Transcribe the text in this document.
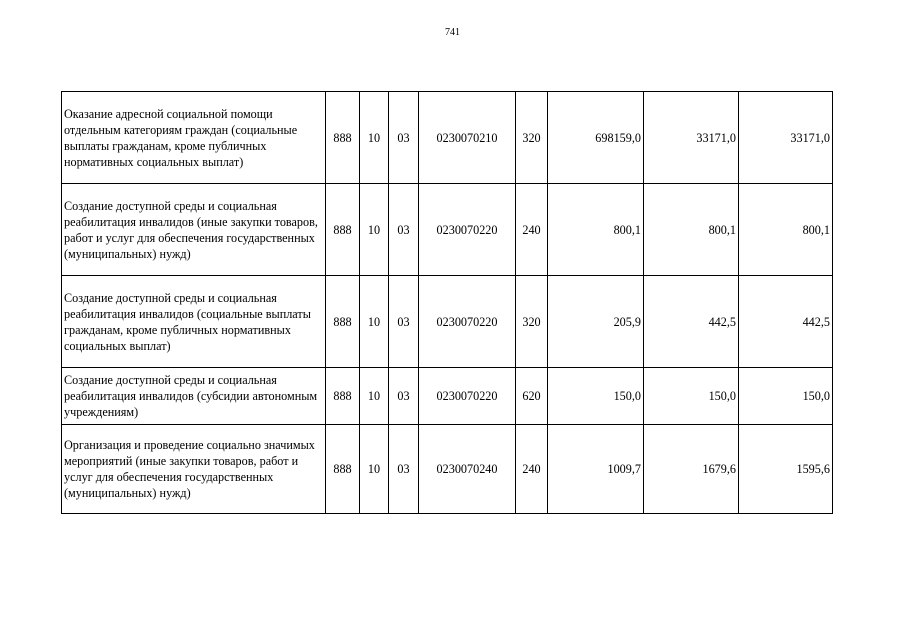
741
Оказание адресной социальной помощи отдельным категориям граждан (социальные выплаты гражданам, кроме публичных нормативных социальных выплат)	888	10	03	0230070210	320	698159,0	33171,0	33171,0
Создание доступной среды и социальная реабилитация инвалидов (иные закупки товаров, работ и услуг для обеспечения государственных (муниципальных) нужд)	888	10	03	0230070220	240	800,1	800,1	800,1
Создание доступной среды и социальная реабилитация инвалидов (социальные выплаты гражданам, кроме публичных нормативных социальных выплат)	888	10	03	0230070220	320	205,9	442,5	442,5
Создание доступной среды и социальная реабилитация инвалидов (субсидии автономным учреждениям)	888	10	03	0230070220	620	150,0	150,0	150,0
Организация и проведение социально значимых мероприятий (иные закупки товаров, работ и услуг для обеспечения государственных (муниципальных) нужд)	888	10	03	0230070240	240	1009,7	1679,6	1595,6
